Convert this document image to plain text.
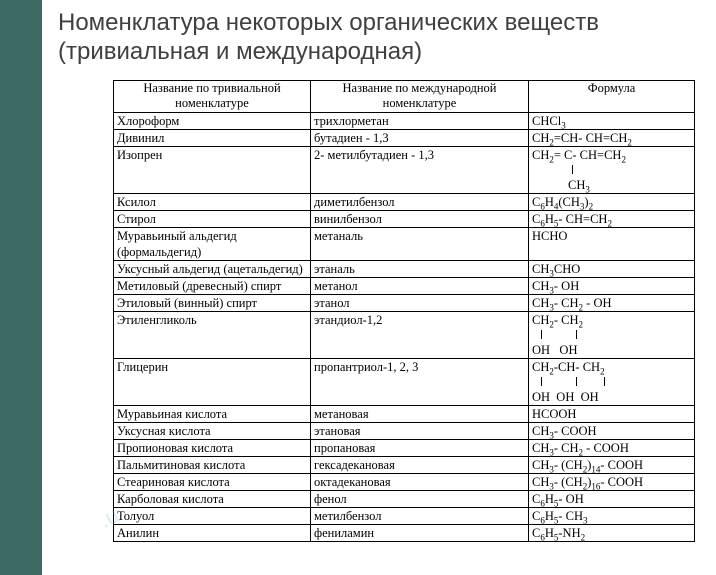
Номенклатура некоторых органических веществ
(тривиальная и международная)
Название по тривиальной номенклатуре	Название по международной номенклатуре	Формула

Хлороформ	трихлорметан	CHCl$_3$

Дивинил	бутадиен - 1,3	$CH_2=CH-$ $CH=CH_2$

Изопрен	2- метилбутадиен - 1,3	$CH_2= C-$ $CH=CH_2$
$CH_3$

Ксилол	диметилбензол	$C_6H_4(CH_3)_2$

Стирол	винилбензол	$C_6H_5-$ $CH=CH_2$

Муравьиный альдегид
(формальдегид)	метаналь	HCHO

Уксусный альдегид (ацетальдегид)	этаналь	$CH_3CHO$

Метиловый (древесный) спирт	метанол	$CH_3-$ OH

Этиловый (винный) спирт	этанол	$CH_3-$ $CH_2$ - OH

Этиленгликоль	этандиол-1,2	$CH_2-$ $CH_2$
OH   OH

Глицерин	пропантриол-1, 2, 3	$CH_2-CH-$ $CH_2$
OH  OH  OH

Муравьиная кислота	метановая	HCOOH

Уксусная кислота	этановая	$CH_3-$ COOH

Пропионовая кислота	пропановая	$CH_3-$ $CH_2$ - COOH

Пальмитиновая кислота	гексадекановая	$CH_3-$ $(CH_2)_{14}-$ COOH

Стеариновая кислота	октадекановая	$CH_3-$ $(CH_2)_{16}-$ COOH

Карболовая кислота	фенол	$C_6H_5-$ OH

Толуол	метилбензол	$C_6H_5-$ $CH_3$

Анилин	фениламин	$C_6H_5-NH_2$
.u
